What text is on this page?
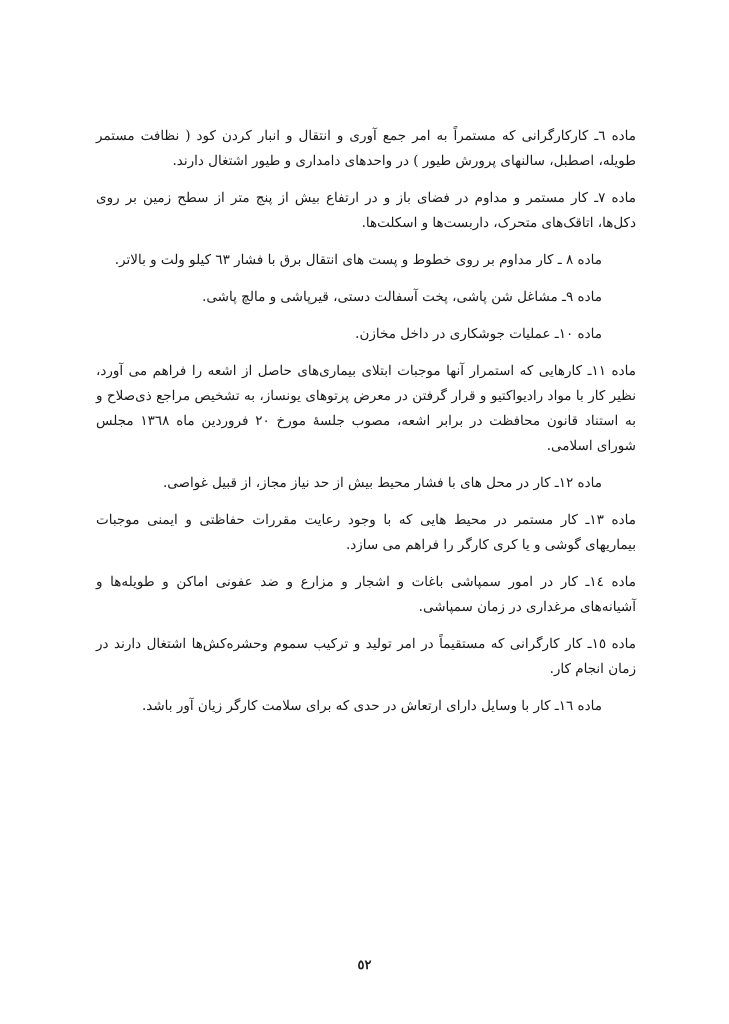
ماده ٦ـ کارکارگرانی که مستمراً به امر جمع آوری و انتقال و انبار کردن کود ( نظافت مستمر طویله، اصطبل، سالنهای پرورش طیور ) در واحدهای دامداری و طیور اشتغال دارند.

ماده ٧ـ کار مستمر و مداوم در فضای باز و در ارتفاع بیش از پنج متر از سطح زمین بر روی دکل‌ها، اتاقک‌های متحرک، داربست‌ها و اسکلت‌ها.

ماده ٨ ـ کار مداوم بر روی خطوط و پست های انتقال برق با فشار ٦٣ کیلو ولت و بالاتر.

ماده ٩ـ مشاغل شن پاشی، پخت آسفالت دستی، قیرپاشی و مالچ پاشی.

ماده ١٠ـ عملیات جوشکاری در داخل مخازن.

ماده ١١ـ کارهایی که استمرار آنها موجبات ابتلای بیماری‌های حاصل از اشعه را فراهم می آورد، نظیر کار با مواد رادیواکتیو و قرار گرفتن در معرض پرتوهای یونساز، به تشخیص مراجع ذی‌صلاح و به استناد قانون محافظت در برابر اشعه، مصوب جلسهٔ مورخ ٢٠ فروردین ماه ١٣٦٨ مجلس شورای اسلامی.

ماده ١٢ـ کار در محل های با فشار محیط بیش از حد نیاز مجاز، از قبیل غواصی.

ماده ١٣ـ کار مستمر در محیط هایی که با وجود رعایت مقررات حفاظتی و ایمنی موجبات بیماریهای گوشی و یا کری کارگر را فراهم می سازد.

ماده ١٤ـ کار در امور سمپاشی باغات و اشجار و مزارع و ضد عفونی اماکن و طویله‌ها و آشیانه‌های مرغداری در زمان سمپاشی.

ماده ١٥ـ کار کارگرانی که مستقیماً در امر تولید و ترکیب سموم وحشره‌کش‌ها اشتغال دارند در زمان انجام کار.

ماده ١٦ـ کار با وسایل دارای ارتعاش در حدی که برای سلامت کارگر زیان آور باشد.

٥٢
